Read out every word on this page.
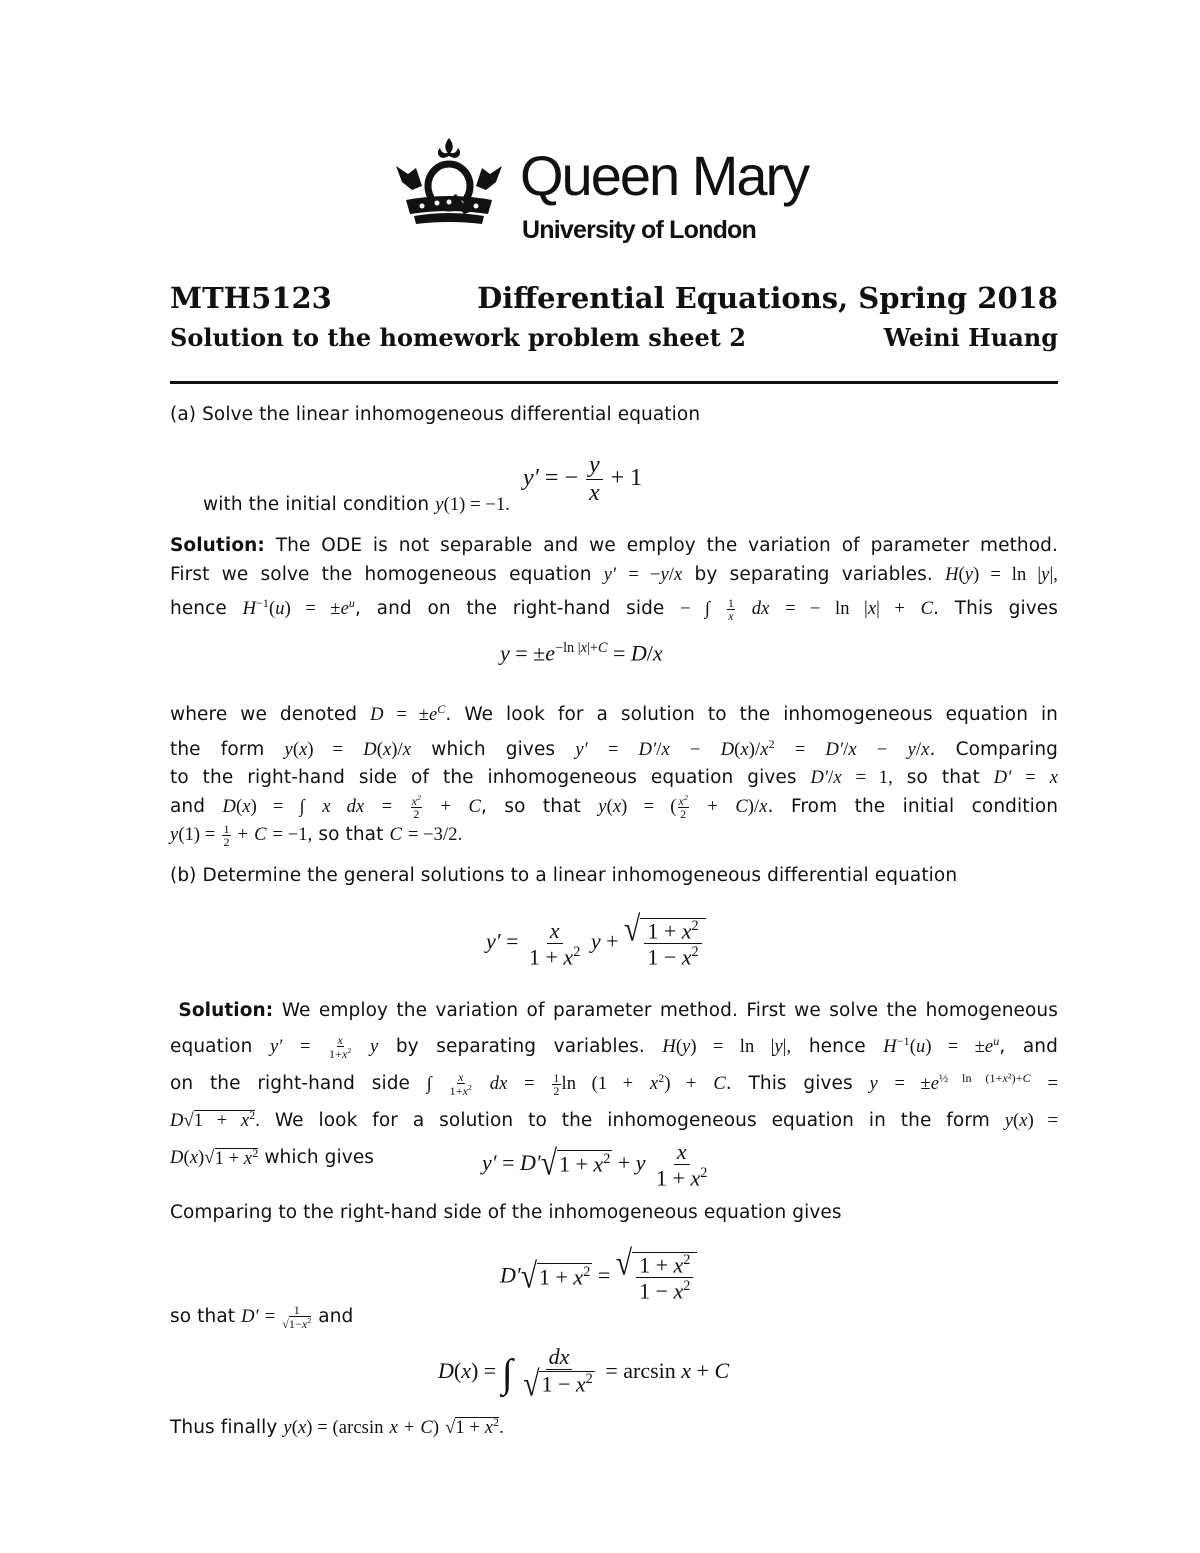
Queen Mary
University of London
MTH5123	Differential Equations, Spring 2018
Solution to the homework problem sheet 2	Weini Huang
(a) Solve the linear inhomogeneous differential equation
y′ = − $\frac{y}{x} + 1$
with the initial condition y(1) = −1.
Solution: The ODE is not separable and we employ the variation of parameter method.
First we solve the homogeneous equation y′ = −y/x by separating variables. H(y) = ln |y|,
hence $H^{-1}(u) = \pm e^u$, and on the right-hand side − ∫ $\frac{1}{x}$ dx = − ln |x| + C. This gives
$y = \pm e^{-ln |x|+C} = D/x$
where we denoted $D = \pm e^C$. We look for a solution to the inhomogeneous equation in
the form y(x) = D(x)/x which gives $y' = D'/x - D(x)/x^2 = D'/x - y/x$. Comparing
to the right-hand side of the inhomogeneous equation gives D′/x = 1, so that D′ = x
and D(x) = ∫ x dx = $\frac{x^2}{2} + C$, so that y(x) = ( $\frac{x^2}{2} + C)/x$. From the initial condition
$y(1) = \frac{1}{2} + C = -1$, so that C = −3/2.
(b) Determine the general solutions to a linear inhomogeneous differential equation
$y' = \frac{x}{1 + x^2}$ y + √ $\frac{1 + x^2}{1 - x^2}$
Solution: We employ the variation of parameter method. First we solve the homogeneous
equation $y' = \frac{x}{1+x^2}$ y by separating variables. H(y) = ln |y|, hence $H^{-1}(u) = \pm e^u$, and
on the right-hand side ∫ $\frac{x}{1+x^2}$ dx = $\frac{1}{2}$ $\ln (1 + x^2) + C$. This gives $y = \pm e^{\frac{1}{2} ln (1+x^2)+C}$ =
$D√1 + x^2$. We look for a solution to the inhomogeneous equation in the form y(x) =
$D(x)√1 + x^2$ which gives	y′ = D′ √ $1 + x^2 + y \frac{x}{1 + x^2}$
Comparing to the right-hand side of the inhomogeneous equation gives
D′ √ $1 + x^2$ = √ $\frac{1 + x^2}{1 - x^2}$
so that $D' = \frac{1}{√1-x^2}$ and
D(x) = ∫ $\frac{dx}{√ 1 - x^2} = \arcsin x + C$
Thus finally y(x) = (arcsin x + C) $√1 + x^2$.
